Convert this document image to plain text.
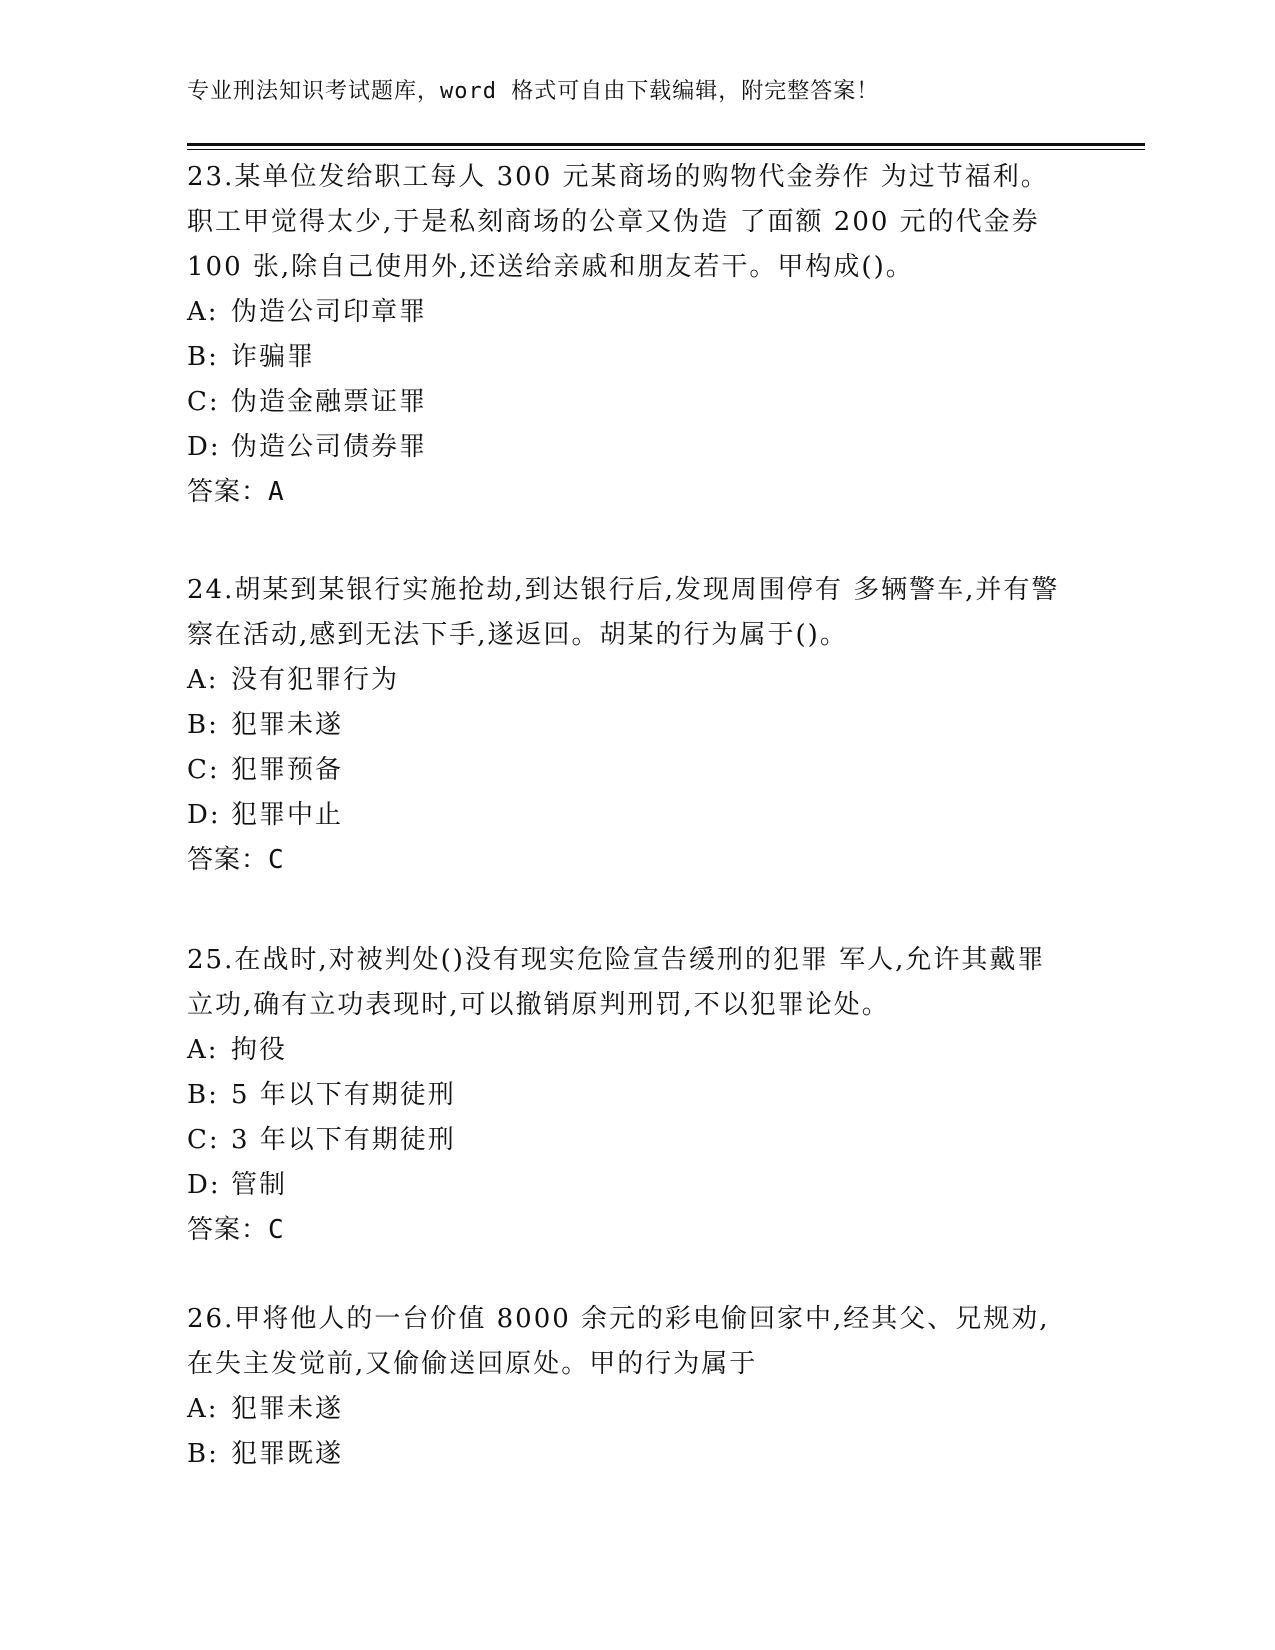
专业刑法知识考试题库，word 格式可自由下载编辑，附完整答案！

23.某单位发给职工每人 300 元某商场的购物代金券作 为过节福利。职工甲觉得太少,于是私刻商场的公章又伪造 了面额 200 元的代金券 100 张,除自己使用外,还送给亲戚和朋友若干。甲构成()。

A: 伪造公司印章罪
B: 诈骗罪
C: 伪造金融票证罪
D: 伪造公司债券罪
答案：A

24.胡某到某银行实施抢劫,到达银行后,发现周围停有 多辆警车,并有警察在活动,感到无法下手,遂返回。胡某的行为属于()。

A: 没有犯罪行为
B: 犯罪未遂
C: 犯罪预备
D: 犯罪中止
答案：C

25.在战时,对被判处()没有现实危险宣告缓刑的犯罪 军人,允许其戴罪立功,确有立功表现时,可以撤销原判刑罚,不以犯罪论处。

A: 拘役
B: 5 年以下有期徒刑
C: 3 年以下有期徒刑
D: 管制
答案：C

26.甲将他人的一台价值 8000 余元的彩电偷回家中,经其父、兄规劝,在失主发觉前,又偷偷送回原处。甲的行为属于

A: 犯罪未遂
B: 犯罪既遂
